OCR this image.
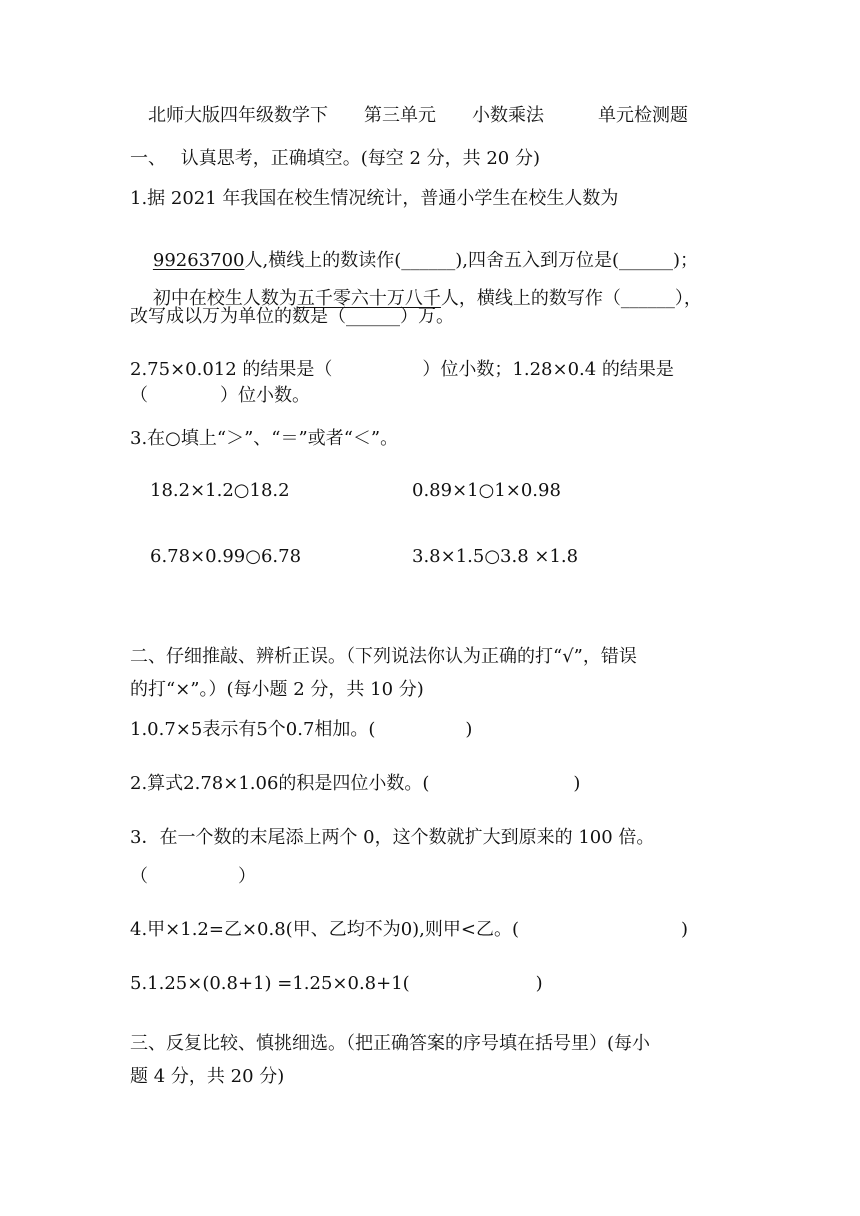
北师大版四年级数学下　　第三单元　　小数乘法　　　单元检测题
一、　 认真思考，正确填空。(每空 2 分，共 20 分)
1.据 2021 年我国在校生情况统计，普通小学生在校生人数为

99263700人,横线上的数读作(______),四舍五入到万位是(______)；

初中在校生人数为五千零六十万八千人，横线上的数写作（______），

改写成以万为单位的数是（______）万。
2.75×0.012 的结果是（　　　　　）位小数；1.28×0.4 的结果是
（　　　　）位小数。
3.在○填上“＞”、“＝”或者“＜”。
18.2×1.2○18.2	0.89×1○1×0.98
6.78×0.99○6.78	3.8×1.5○3.8 ×1.8
二、仔细推敲、辨析正误。（下列说法你认为正确的打“√”，错误
的打“×”。）(每小题 2 分，共 10 分)
1.0.7×5表示有5个0.7相加。(　　　　　)
2.算式2.78×1.06的积是四位小数。(　　　　　　　　)
3．在一个数的末尾添上两个 0，这个数就扩大到原来的 100 倍。
（　　　　　）
4.甲×1.2=乙×0.8(甲、乙均不为0),则甲<乙。(　　　　　　　　　)
5.1.25×(0.8+1) =1.25×0.8+1(　　　　　　　)
三、反复比较、慎挑细选。（把正确答案的序号填在括号里）(每小
题 4 分，共 20 分)
